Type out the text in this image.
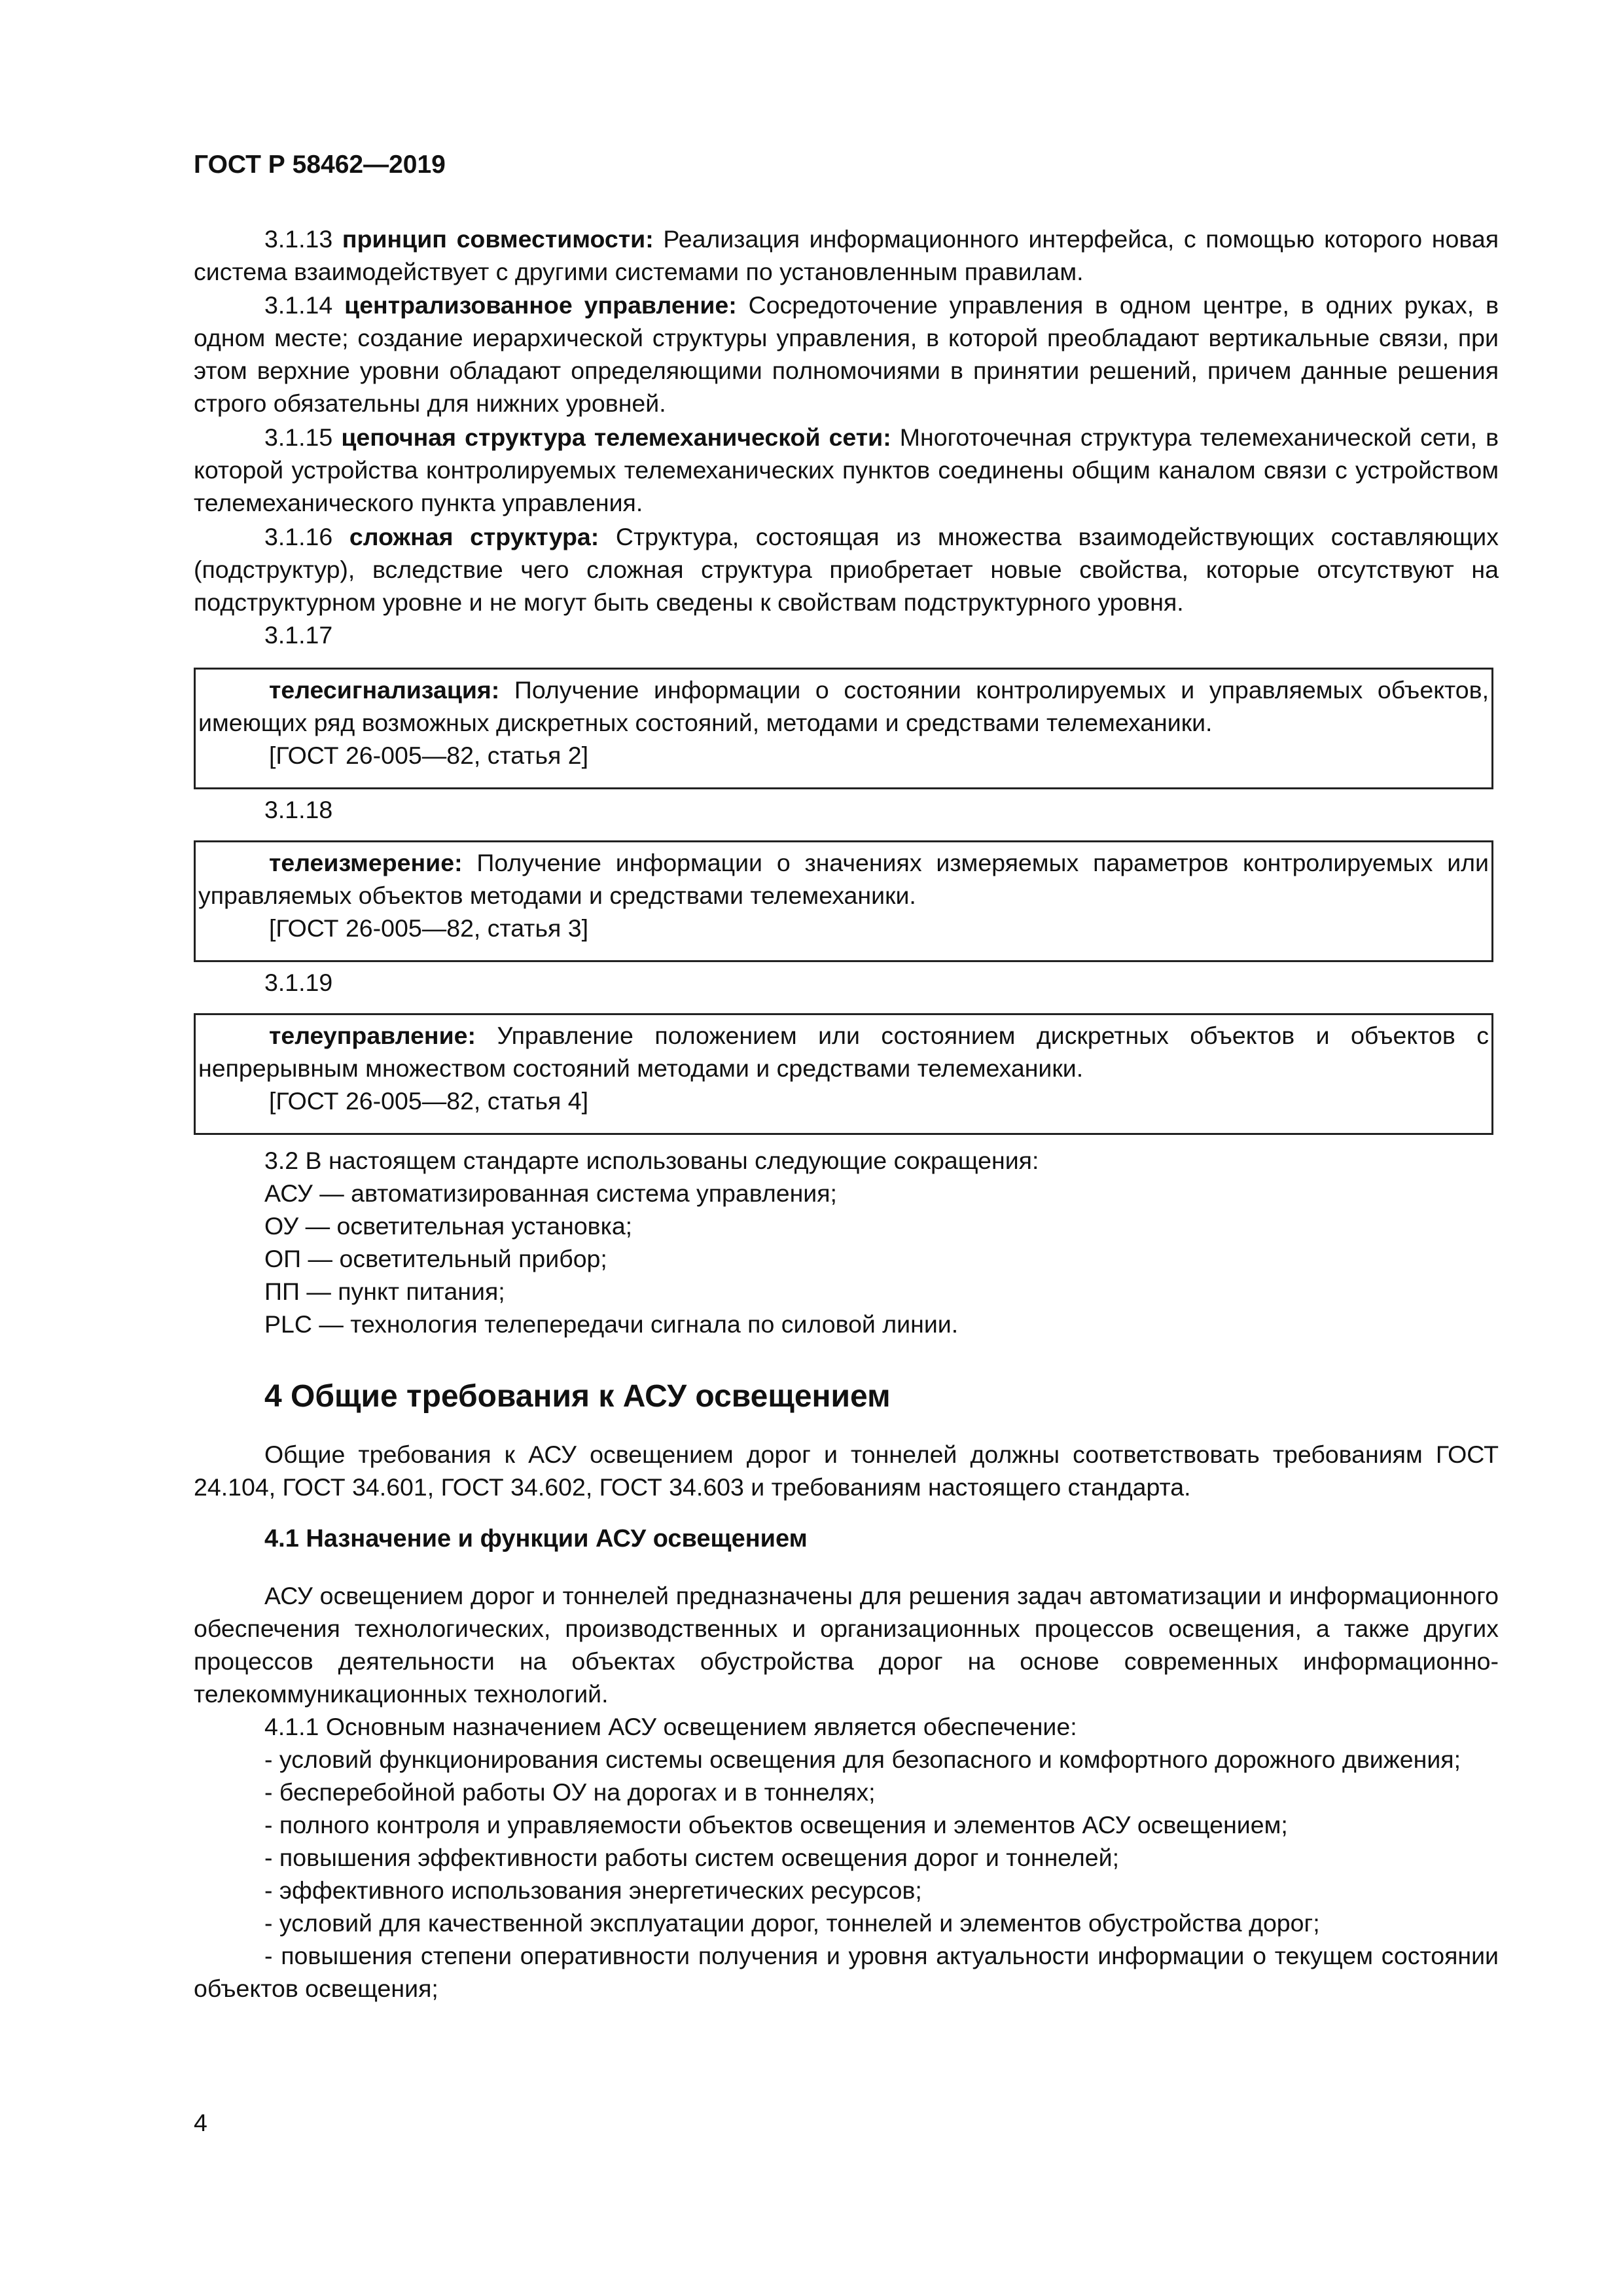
ГОСТ Р 58462—2019

3.1.13 принцип совместимости: Реализация информационного интерфейса, с помощью которого новая система взаимодействует с другими системами по установленным правилам.

3.1.14 централизованное управление: Сосредоточение управления в одном центре, в одних руках, в одном месте; создание иерархической структуры управления, в которой преобладают вертикальные связи, при этом верхние уровни обладают определяющими полномочиями в принятии решений, причем данные решения строго обязательны для нижних уровней.

3.1.15 цепочная структура телемеханической сети: Многоточечная структура телемеханической сети, в которой устройства контролируемых телемеханических пунктов соединены общим каналом связи с устройством телемеханического пункта управления.

3.1.16 сложная структура: Структура, состоящая из множества взаимодействующих составляющих (подструктур), вследствие чего сложная структура приобретает новые свойства, которые отсутствуют на подструктурном уровне и не могут быть сведены к свойствам подструктурного уровня.

3.1.17

телесигнализация: Получение информации о состоянии контролируемых и управляемых объектов, имеющих ряд возможных дискретных состояний, методами и средствами телемеханики.

[ГОСТ 26-005—82, статья 2]

3.1.18

телеизмерение: Получение информации о значениях измеряемых параметров контролируемых или управляемых объектов методами и средствами телемеханики.

[ГОСТ 26-005—82, статья 3]

3.1.19

телеуправление: Управление положением или состоянием дискретных объектов и объектов с непрерывным множеством состояний методами и средствами телемеханики.

[ГОСТ 26-005—82, статья 4]

3.2 В настоящем стандарте использованы следующие сокращения:

АСУ — автоматизированная система управления;

ОУ — осветительная установка;

ОП — осветительный прибор;

ПП — пункт питания;

PLC — технология телепередачи сигнала по силовой линии.

4 Общие требования к АСУ освещением

Общие требования к АСУ освещением дорог и тоннелей должны соответствовать требованиям ГОСТ 24.104, ГОСТ 34.601, ГОСТ 34.602, ГОСТ 34.603 и требованиям настоящего стандарта.

4.1 Назначение и функции АСУ освещением

АСУ освещением дорог и тоннелей предназначены для решения задач автоматизации и информационного обеспечения технологических, производственных и организационных процессов освещения, а также других процессов деятельности на объектах обустройства дорог на основе современных информационно-телекоммуникационных технологий.

4.1.1 Основным назначением АСУ освещением является обеспечение:

- условий функционирования системы освещения для безопасного и комфортного дорожного движения;

- бесперебойной работы ОУ на дорогах и в тоннелях;

- полного контроля и управляемости объектов освещения и элементов АСУ освещением;

- повышения эффективности работы систем освещения дорог и тоннелей;

- эффективного использования энергетических ресурсов;

- условий для качественной эксплуатации дорог, тоннелей и элементов обустройства дорог;

- повышения степени оперативности получения и уровня актуальности информации о текущем состоянии объектов освещения;

4
